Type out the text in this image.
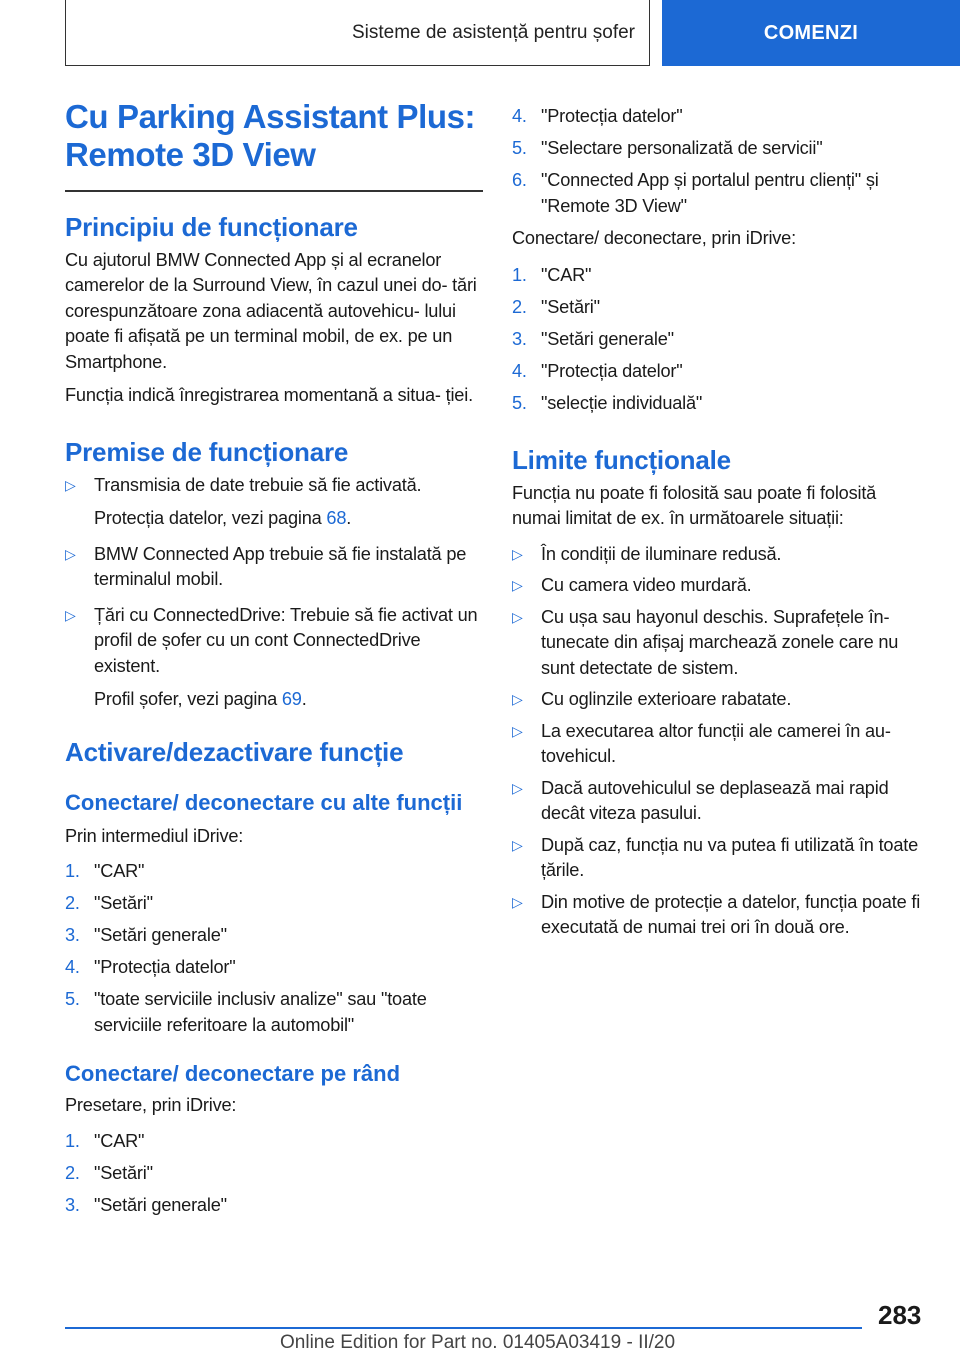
Sisteme de asistență pentru șofer	COMENZI
Cu Parking Assistant Plus: Remote 3D View
Principiu de funcționare

Cu ajutorul BMW Connected App și al ecranelor camerelor de la Surround View, în cazul unei do‐ tări corespunzătoare zona adiacentă autovehicu‐ lului poate fi afișată pe un terminal mobil, de ex. pe un Smartphone.

Funcția indică înregistrarea momentană a situa‐ ției.

Premise de funcționare
▷ Transmisia de date trebuie să fie activată.
Protecția datelor, vezi pagina 68.
▷ BMW Connected App trebuie să fie instalată pe terminalul mobil.
▷ Țări cu ConnectedDrive: Trebuie să fie activat un profil de șofer cu un cont ConnectedDrive existent.
Profil șofer, vezi pagina 69.
Activare/dezactivare funcție
Conectare/ deconectare cu alte funcții

Prin intermediul iDrive:

1. "CAR"
2. "Setări"
3. "Setări generale"
4. "Protecția datelor"
5. "toate serviciile inclusiv analize" sau "toate serviciile referitoare la automobil"
Conectare/ deconectare pe rând

Presetare, prin iDrive:

1. "CAR"
2. "Setări"
3. "Setări generale"
4. "Protecția datelor"
5. "Selectare personalizată de servicii"
6. "Connected App și portalul pentru clienți" și "Remote 3D View"

Conectare/ deconectare, prin iDrive:

1. "CAR"
2. "Setări"
3. "Setări generale"
4. "Protecția datelor"
5. "selecție individuală"
Limite funcționale

Funcția nu poate fi folosită sau poate fi folosită numai limitat de ex. în următoarele situații:

▷ În condiții de iluminare redusă.
▷ Cu camera video murdară.
▷ Cu ușa sau hayonul deschis. Suprafețele în‐ tunecate din afișaj marchează zonele care nu sunt detectate de sistem.
▷ Cu oglinzile exterioare rabatate.
▷ La executarea altor funcții ale camerei în au‐ tovehicul.
▷ Dacă autovehiculul se deplasează mai rapid decât viteza pasului.
▷ După caz, funcția nu va putea fi utilizată în toate țările.
▷ Din motive de protecție a datelor, funcția poate fi executată de numai trei ori în două ore.
283
Online Edition for Part no. 01405A03419 - II/20
